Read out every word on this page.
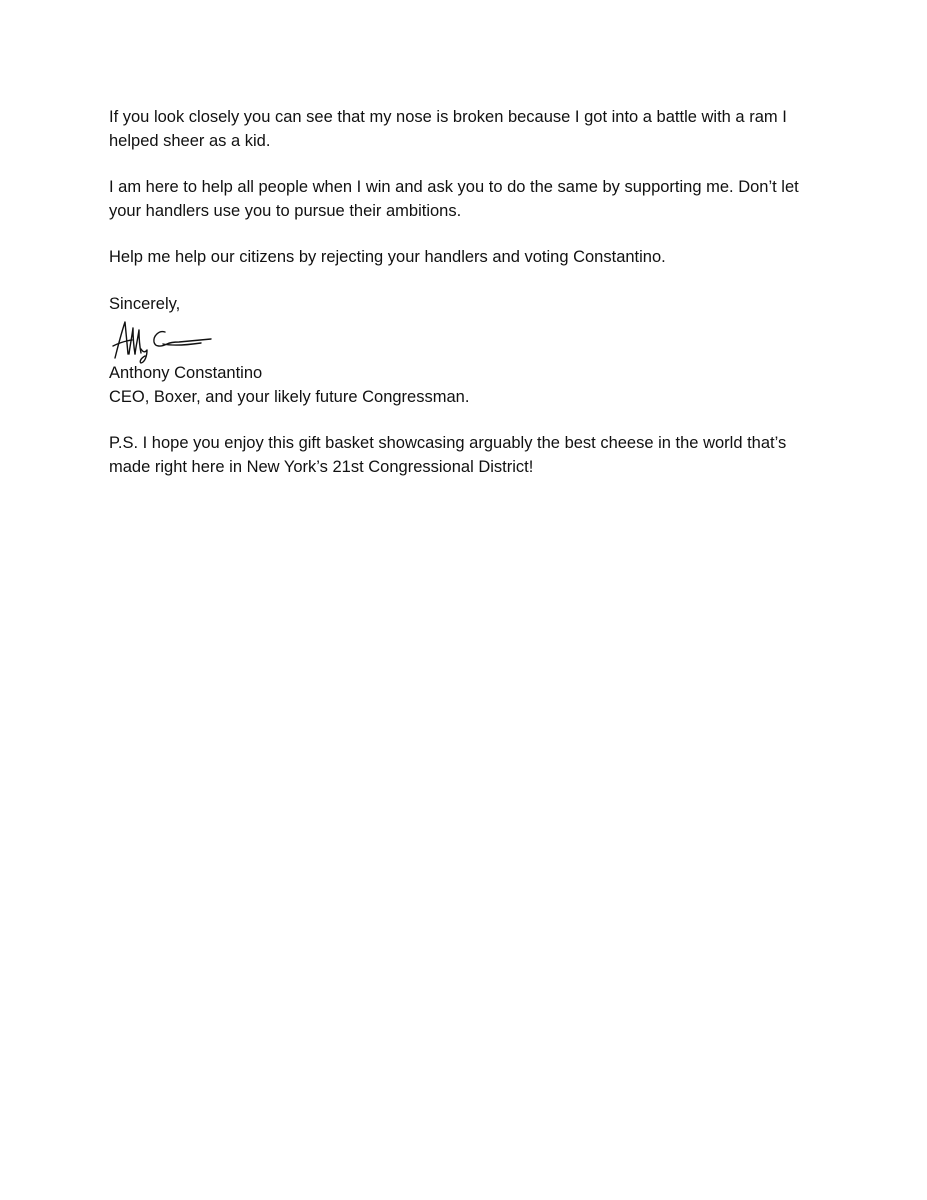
If you look closely you can see that my nose is broken because I got into a battle with a ram I helped sheer as a kid.

I am here to help all people when I win and ask you to do the same by supporting me. Don’t let your handlers use you to pursue their ambitions.

Help me help our citizens by rejecting your handlers and voting Constantino.

Sincerely,

Anthony Constantino
CEO, Boxer, and your likely future Congressman.

P.S. I hope you enjoy this gift basket showcasing arguably the best cheese in the world that’s made right here in New York’s 21st Congressional District!
